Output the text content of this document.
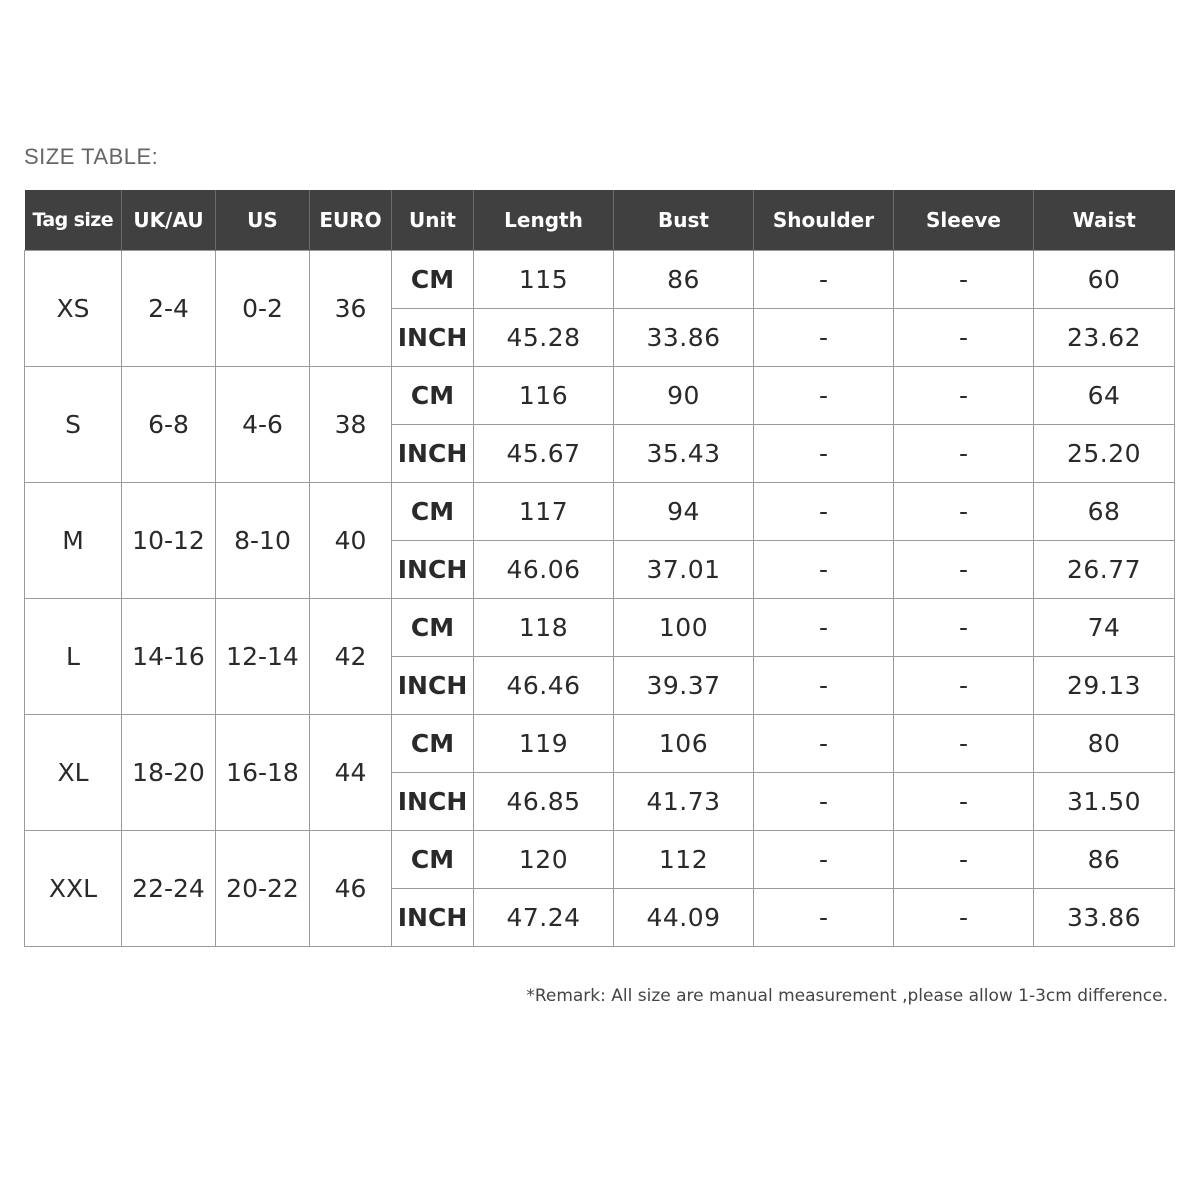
SIZE TABLE:
Tag size	UK/AU	US	EURO	Unit	Length	Bust	Shoulder	Sleeve	Waist
XS	2-4	0-2	36	CM	115	86	-	-	60
				INCH	45.28	33.86	-	-	23.62
S	6-8	4-6	38	CM	116	90	-	-	64
				INCH	45.67	35.43	-	-	25.20
M	10-12	8-10	40	CM	117	94	-	-	68
				INCH	46.06	37.01	-	-	26.77
L	14-16	12-14	42	CM	118	100	-	-	74
				INCH	46.46	39.37	-	-	29.13
XL	18-20	16-18	44	CM	119	106	-	-	80
				INCH	46.85	41.73	-	-	31.50
XXL	22-24	20-22	46	CM	120	112	-	-	86
				INCH	47.24	44.09	-	-	33.86
*Remark: All size are manual measurement ,please allow 1-3cm difference.
